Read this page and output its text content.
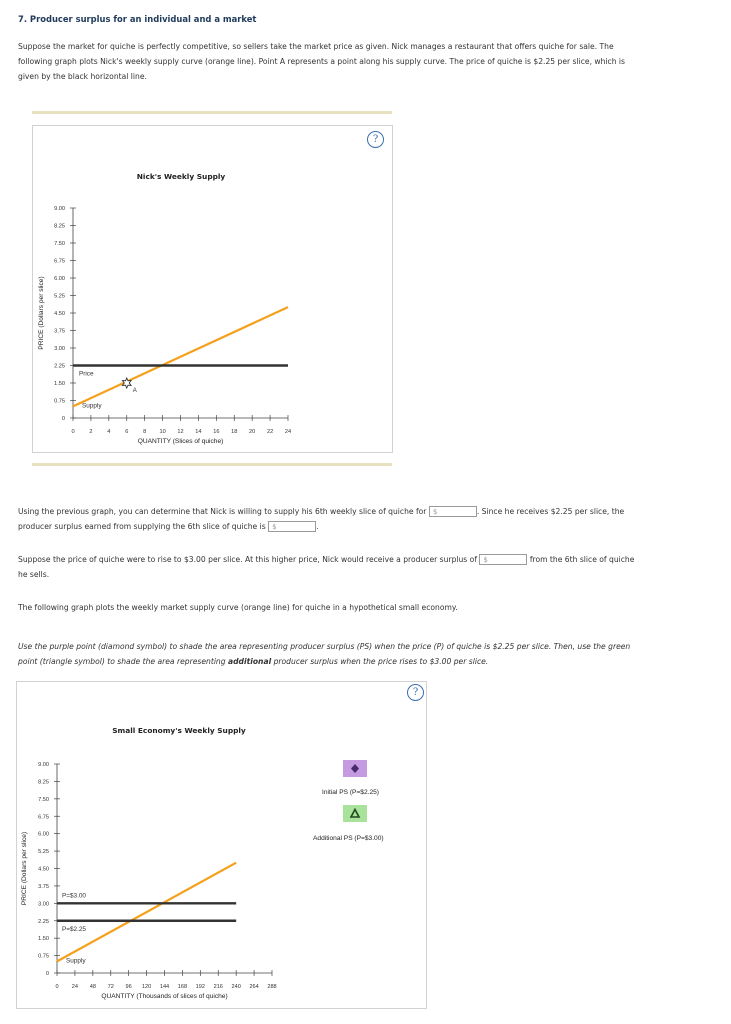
7. Producer surplus for an individual and a market
Suppose the market for quiche is perfectly competitive, so sellers take the market price as given. Nick manages a restaurant that offers quiche for sale. The following graph plots Nick's weekly supply curve (orange line). Point A represents a point along his supply curve. The price of quiche is $2.25 per slice, which is given by the black horizontal line.
?
Nick's Weekly Supply
0
0.75
1.50
2.25
3.00
3.75
4.50
5.25
6.00
6.75
7.50
8.25
9.00
0	2	4	6	8 10 12 14 16 18 20 22 24
PRICE (Dollars per slice)
QUANTITY (Slices of quiche)
Price
Supply
A
Using the previous graph, you can determine that Nick is willing to supply his 6th weekly slice of quiche for $	. Since he receives $2.25 per slice, the producer surplus earned from supplying the 6th slice of quiche is $	.
Suppose the price of quiche were to rise to $3.00 per slice. At this higher price, Nick would receive a producer surplus of $	from the 6th slice of quiche he sells.
The following graph plots the weekly market supply curve (orange line) for quiche in a hypothetical small economy.
Use the purple point (diamond symbol) to shade the area representing producer surplus (PS) when the price (P) of quiche is $2.25 per slice. Then, use the green point (triangle symbol) to shade the area representing additional producer surplus when the price rises to $3.00 per slice.
?
Small Economy's Weekly Supply
0
0.75
1.50
2.25
3.00
3.75
4.50
5.25
6.00
6.75
7.50
8.25
9.00
0 24 48 72 96 120 144 168 192 216 240 264 288
PRICE (Dollars per slice)
QUANTITY (Thousands of slices of quiche)
P=$3.00
P=$2.25
Supply
Initial PS (P=$2.25)
Additional PS (P=$3.00)
